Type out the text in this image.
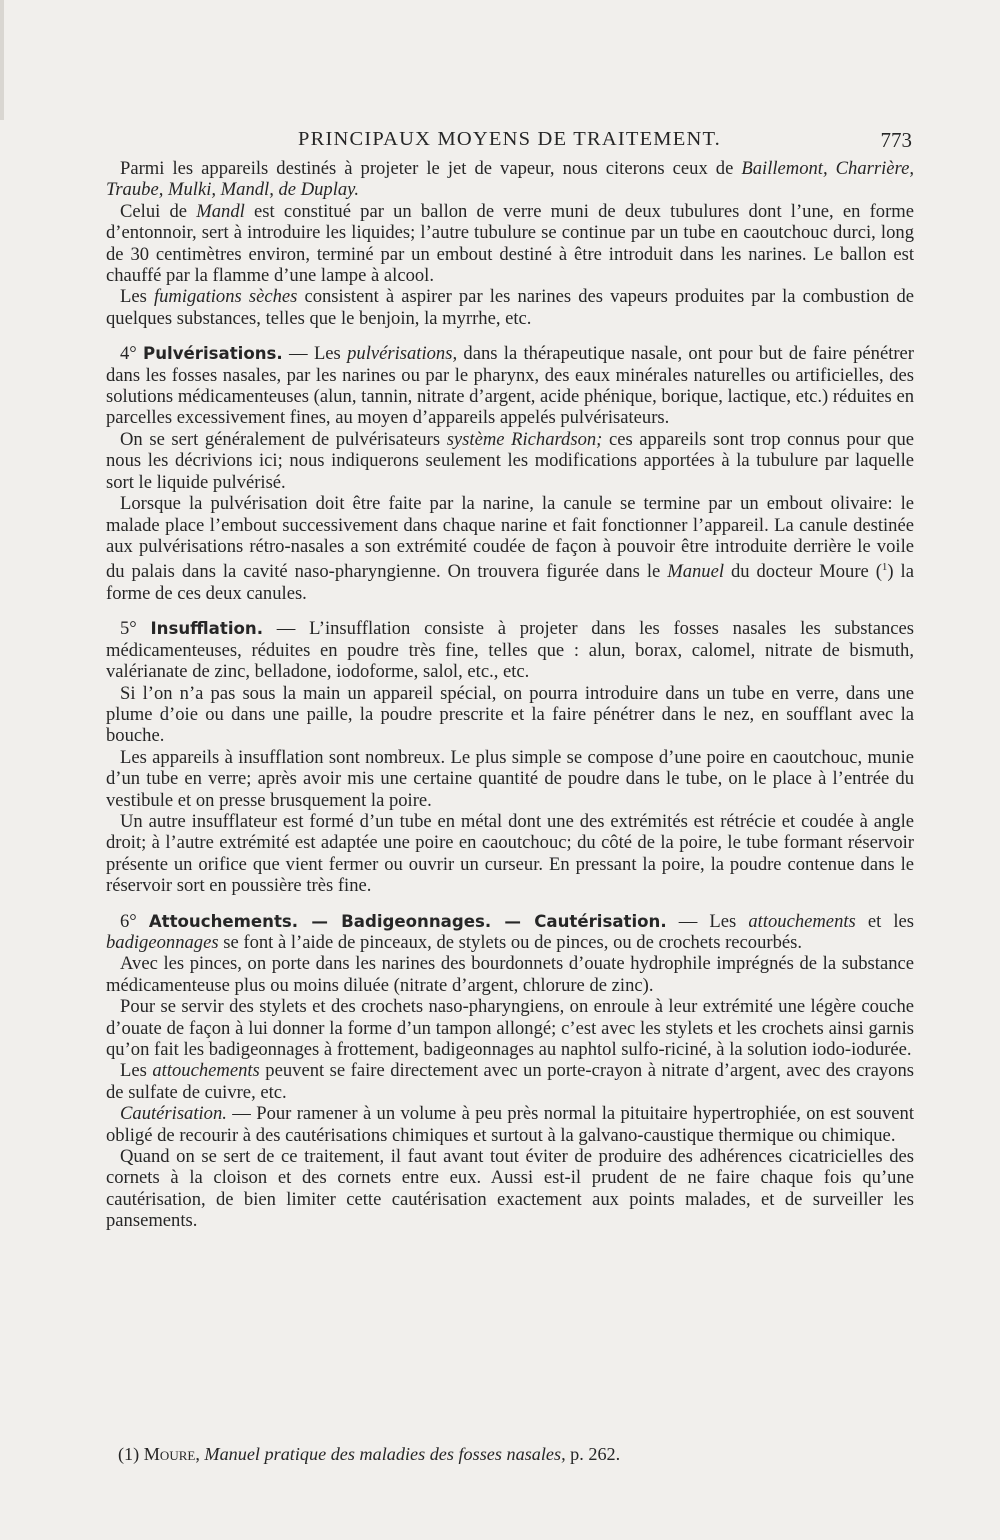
PRINCIPAUX MOYENS DE TRAITEMENT.	773

Parmi les appareils destinés à projeter le jet de vapeur, nous citerons ceux de Baillemont, Charrière, Traube, Mulki, Mandl, de Duplay.

Celui de Mandl est constitué par un ballon de verre muni de deux tubulures dont l’une, en forme d’entonnoir, sert à introduire les liquides; l’autre tubulure se continue par un tube en caoutchouc durci, long de 30 centimètres environ, terminé par un embout destiné à être introduit dans les narines. Le ballon est chauffé par la flamme d’une lampe à alcool.

Les fumigations sèches consistent à aspirer par les narines des vapeurs produites par la combustion de quelques substances, telles que le benjoin, la myrrhe, etc.

4° Pulvérisations. — Les pulvérisations, dans la thérapeutique nasale, ont pour but de faire pénétrer dans les fosses nasales, par les narines ou par le pharynx, des eaux minérales naturelles ou artificielles, des solutions médicamenteuses (alun, tannin, nitrate d’argent, acide phénique, borique, lactique, etc.) réduites en parcelles excessivement fines, au moyen d’appareils appelés pulvérisateurs.

On se sert généralement de pulvérisateurs système Richardson; ces appareils sont trop connus pour que nous les décrivions ici; nous indiquerons seulement les modifications apportées à la tubulure par laquelle sort le liquide pulvérisé.

Lorsque la pulvérisation doit être faite par la narine, la canule se termine par un embout olivaire: le malade place l’embout successivement dans chaque narine et fait fonctionner l’appareil. La canule destinée aux pulvérisations rétro-nasales a son extrémité coudée de façon à pouvoir être introduite derrière le voile du palais dans la cavité naso-pharyngienne. On trouvera figurée dans le Manuel du docteur Moure ($^1$) la forme de ces deux canules.

5° Insufflation. — L’insufflation consiste à projeter dans les fosses nasales les substances médicamenteuses, réduites en poudre très fine, telles que : alun, borax, calomel, nitrate de bismuth, valérianate de zinc, belladone, iodoforme, salol, etc., etc.

Si l’on n’a pas sous la main un appareil spécial, on pourra introduire dans un tube en verre, dans une plume d’oie ou dans une paille, la poudre prescrite et la faire pénétrer dans le nez, en soufflant avec la bouche.

Les appareils à insufflation sont nombreux. Le plus simple se compose d’une poire en caoutchouc, munie d’un tube en verre; après avoir mis une certaine quantité de poudre dans le tube, on le place à l’entrée du vestibule et on presse brusquement la poire.

Un autre insufflateur est formé d’un tube en métal dont une des extrémités est rétrécie et coudée à angle droit; à l’autre extrémité est adaptée une poire en caoutchouc; du côté de la poire, le tube formant réservoir présente un orifice que vient fermer ou ouvrir un curseur. En pressant la poire, la poudre contenue dans le réservoir sort en poussière très fine.

6° Attouchements. — Badigeonnages. — Cautérisation. — Les attouchements et les badigeonnages se font à l’aide de pinceaux, de stylets ou de pinces, ou de crochets recourbés.

Avec les pinces, on porte dans les narines des bourdonnets d’ouate hydrophile imprégnés de la substance médicamenteuse plus ou moins diluée (nitrate d’argent, chlorure de zinc).

Pour se servir des stylets et des crochets naso-pharyngiens, on enroule à leur extrémité une légère couche d’ouate de façon à lui donner la forme d’un tampon allongé; c’est avec les stylets et les crochets ainsi garnis qu’on fait les badigeonnages à frottement, badigeonnages au naphtol sulfo-riciné, à la solution iodo-iodurée.

Les attouchements peuvent se faire directement avec un porte-crayon à nitrate d’argent, avec des crayons de sulfate de cuivre, etc.

Cautérisation. — Pour ramener à un volume à peu près normal la pituitaire hypertrophiée, on est souvent obligé de recourir à des cautérisations chimiques et surtout à la galvano-caustique thermique ou chimique.

Quand on se sert de ce traitement, il faut avant tout éviter de produire des adhérences cicatricielles des cornets à la cloison et des cornets entre eux. Aussi est-il prudent de ne faire chaque fois qu’une cautérisation, de bien limiter cette cautérisation exactement aux points malades, et de surveiller les pansements.

(1) Moure, Manuel pratique des maladies des fosses nasales, p. 262.
